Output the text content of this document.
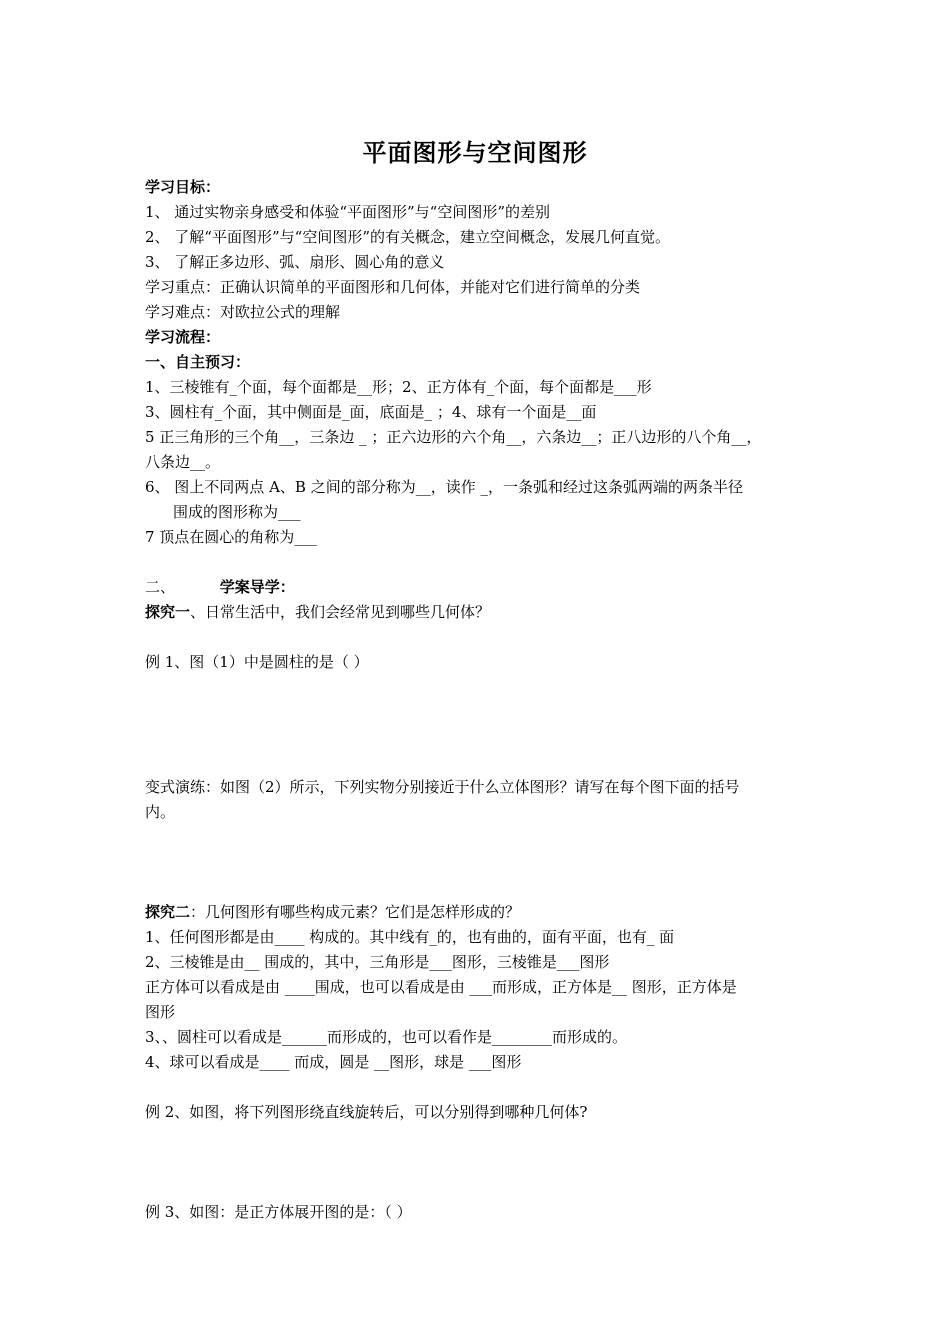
平面图形与空间图形
学习目标：
1、 通过实物亲身感受和体验“平面图形”与“空间图形”的差别
2、 了解“平面图形”与“空间图形”的有关概念，建立空间概念，发展几何直觉。
3、 了解正多边形、弧、扇形、圆心角的意义
学习重点：正确认识简单的平面图形和几何体，并能对它们进行简单的分类
学习难点：对欧拉公式的理解
学习流程：
一、自主预习：
1、三棱锥有_个面，每个面都是__形；2、正方体有_个面，每个面都是___形
3、圆柱有_个面，其中侧面是_面，底面是_ ；4、球有一个面是__面
5 正三角形的三个角__，三条边 _ ；正六边形的六个角__，六条边__；正八边形的八个角__，
八条边__。
6、 图上不同两点 A、B 之间的部分称为__，读作 _，一条弧和经过这条弧两端的两条半径
围成的图形称为___
7 顶点在圆心的角称为___
二、	学案导学：
探究一、日常生活中，我们会经常见到哪些几何体？
例 1、图（1）中是圆柱的是（ ）
变式演练：如图（2）所示，下列实物分别接近于什么立体图形？请写在每个图下面的括号
内。
探究二：几何图形有哪些构成元素？它们是怎样形成的？
1、任何图形都是由____ 构成的。其中线有_的，也有曲的，面有平面，也有_ 面
2、三棱锥是由__ 围成的，其中，三角形是___图形，三棱锥是___图形
正方体可以看成是由 ____围成，也可以看成是由 ___而形成，正方体是__ 图形，正方体是
图形
3、、圆柱可以看成是______而形成的，也可以看作是________而形成的。
4、球可以看成是____ 而成，圆是 __图形，球是 ___图形
例 2、如图，将下列图形绕直线旋转后，可以分别得到哪种几何体?
例 3、如图：是正方体展开图的是：（ ）
